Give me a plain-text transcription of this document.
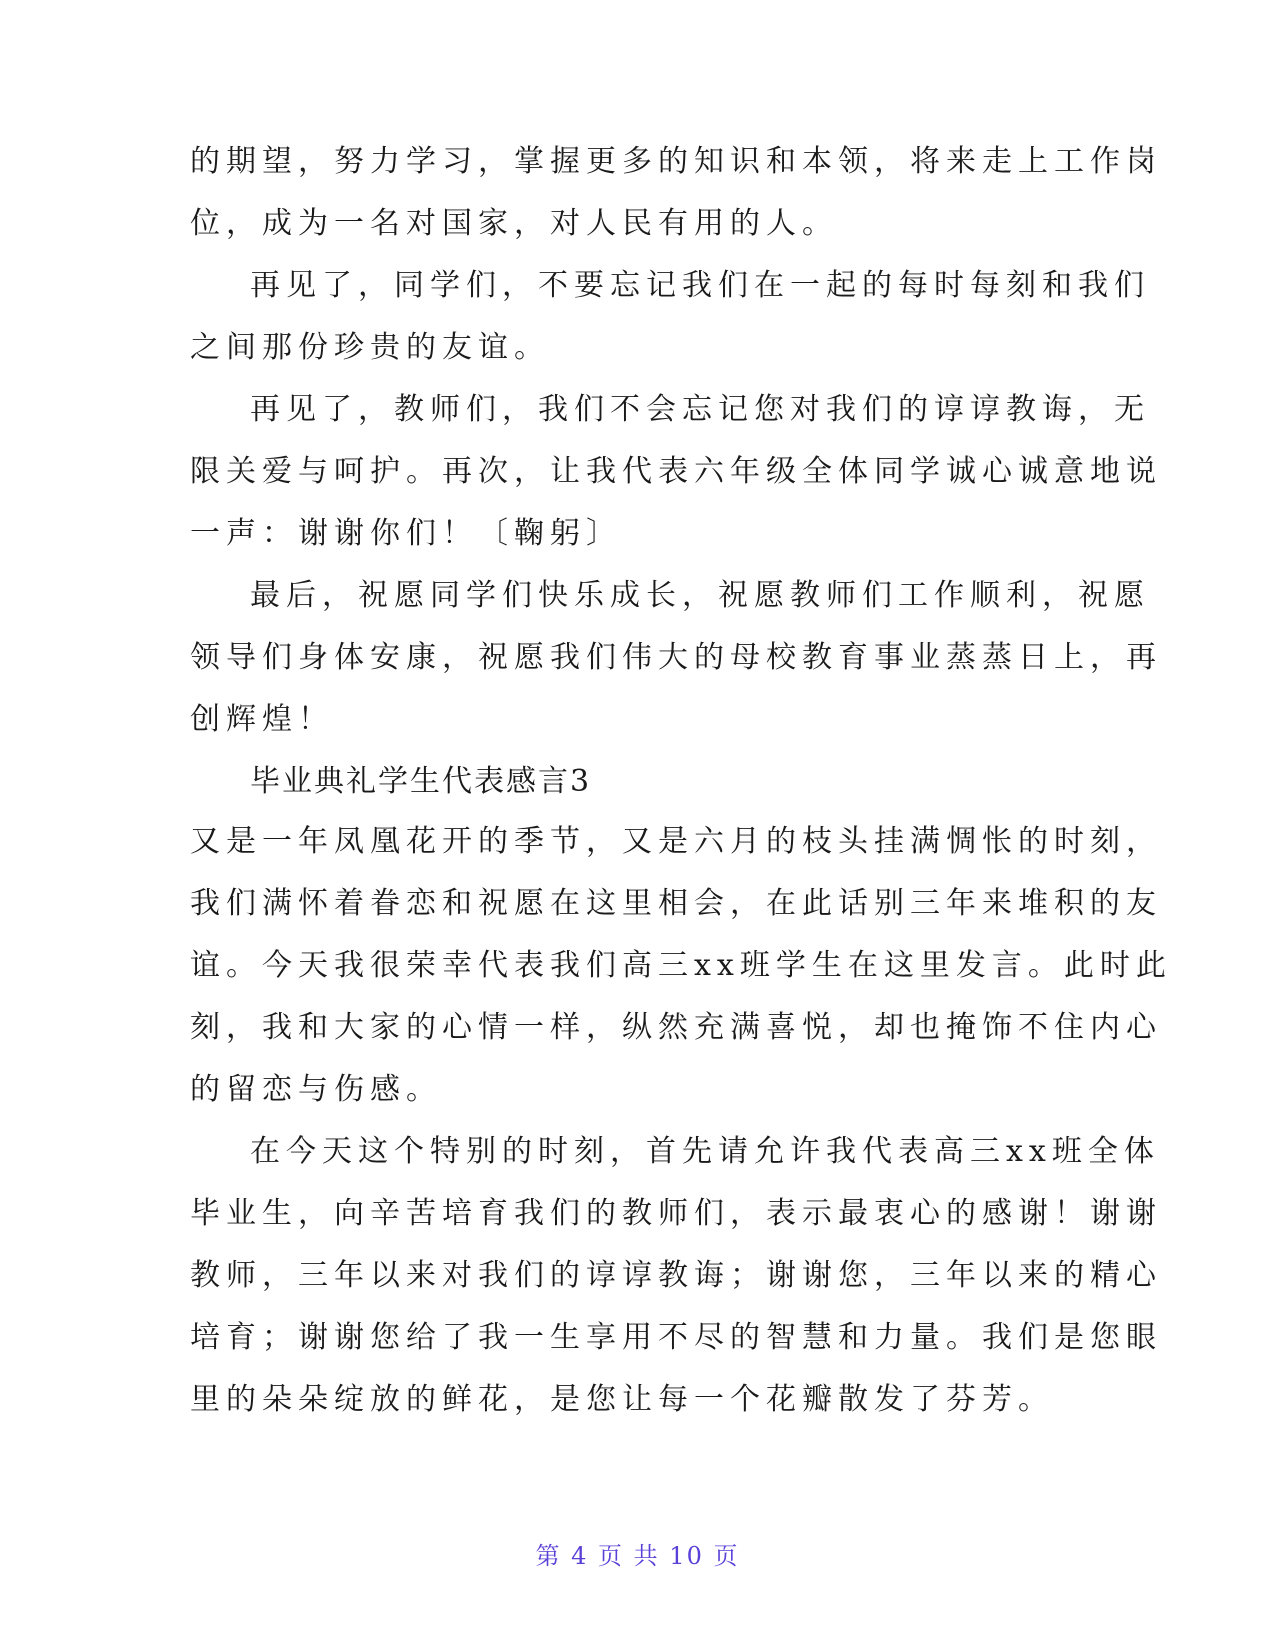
的期望，努力学习，掌握更多的知识和本领，将来走上工作岗
位，成为一名对国家，对人民有用的人。
再见了，同学们，不要忘记我们在一起的每时每刻和我们
之间那份珍贵的友谊。
再见了，教师们，我们不会忘记您对我们的谆谆教诲，无
限关爱与呵护。再次，让我代表六年级全体同学诚心诚意地说
一声：谢谢你们！〔鞠躬〕
最后，祝愿同学们快乐成长，祝愿教师们工作顺利，祝愿
领导们身体安康，祝愿我们伟大的母校教育事业蒸蒸日上，再
创辉煌！
毕业典礼学生代表感言3
又是一年凤凰花开的季节，又是六月的枝头挂满惆怅的时刻，
我们满怀着眷恋和祝愿在这里相会，在此话别三年来堆积的友
谊。今天我很荣幸代表我们高三xx班学生在这里发言。此时此
刻，我和大家的心情一样，纵然充满喜悦，却也掩饰不住内心
的留恋与伤感。
在今天这个特别的时刻，首先请允许我代表高三xx班全体
毕业生，向辛苦培育我们的教师们，表示最衷心的感谢！谢谢
教师，三年以来对我们的谆谆教诲；谢谢您，三年以来的精心
培育；谢谢您给了我一生享用不尽的智慧和力量。我们是您眼
里的朵朵绽放的鲜花，是您让每一个花瓣散发了芬芳。
第 4 页 共 10 页
